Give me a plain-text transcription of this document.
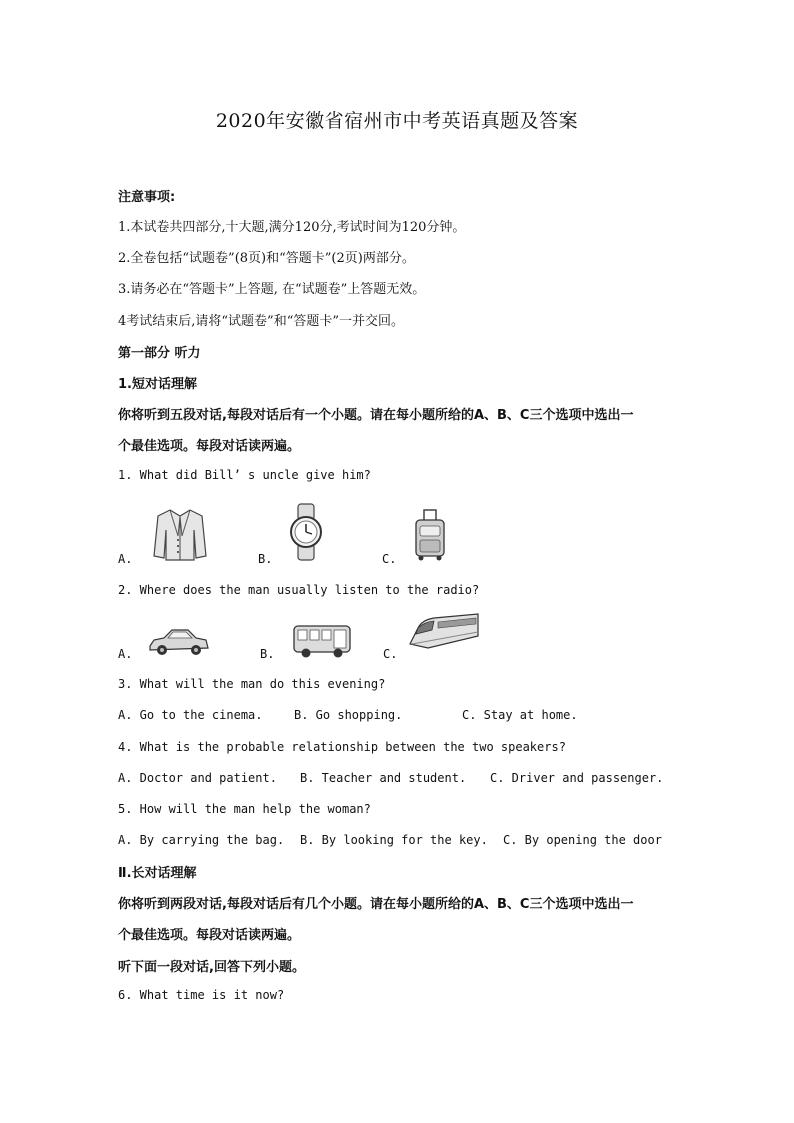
2020年安徽省宿州市中考英语真题及答案
注意事项:
1.本试卷共四部分,十大题,满分120分,考试时间为120分钟。
2.全卷包括“试题卷”(8页)和“答题卡”(2页)两部分。
3.请务必在“答题卡”上答题, 在“试题卷”上答题无效。
4考试结束后,请将“试题卷”和“答题卡”一并交回。
第一部分 听力
1.短对话理解
你将听到五段对话,每段对话后有一个小题。请在每小题所给的A、B、C三个选项中选出一
个最佳选项。每段对话读两遍。
1. What did Bill’ s uncle give him?
A.	B.	C.
2. Where does the man usually listen to the radio?
A.	B.	C.
3. What will the man do this evening?
A. Go to the cinema.	B. Go shopping.	C. Stay at home.
4. What is the probable relationship between the two speakers?
A. Doctor and patient. B. Teacher and student. C. Driver and passenger.
5. How will the man help the woman?
A. By carrying the bag. B. By looking for the key. C. By opening the door
Ⅱ.长对话理解
你将听到两段对话,每段对话后有几个小题。请在每小题所给的A、B、C三个选项中选出一
个最佳选项。每段对话读两遍。
听下面一段对话,回答下列小题。
6. What time is it now?
